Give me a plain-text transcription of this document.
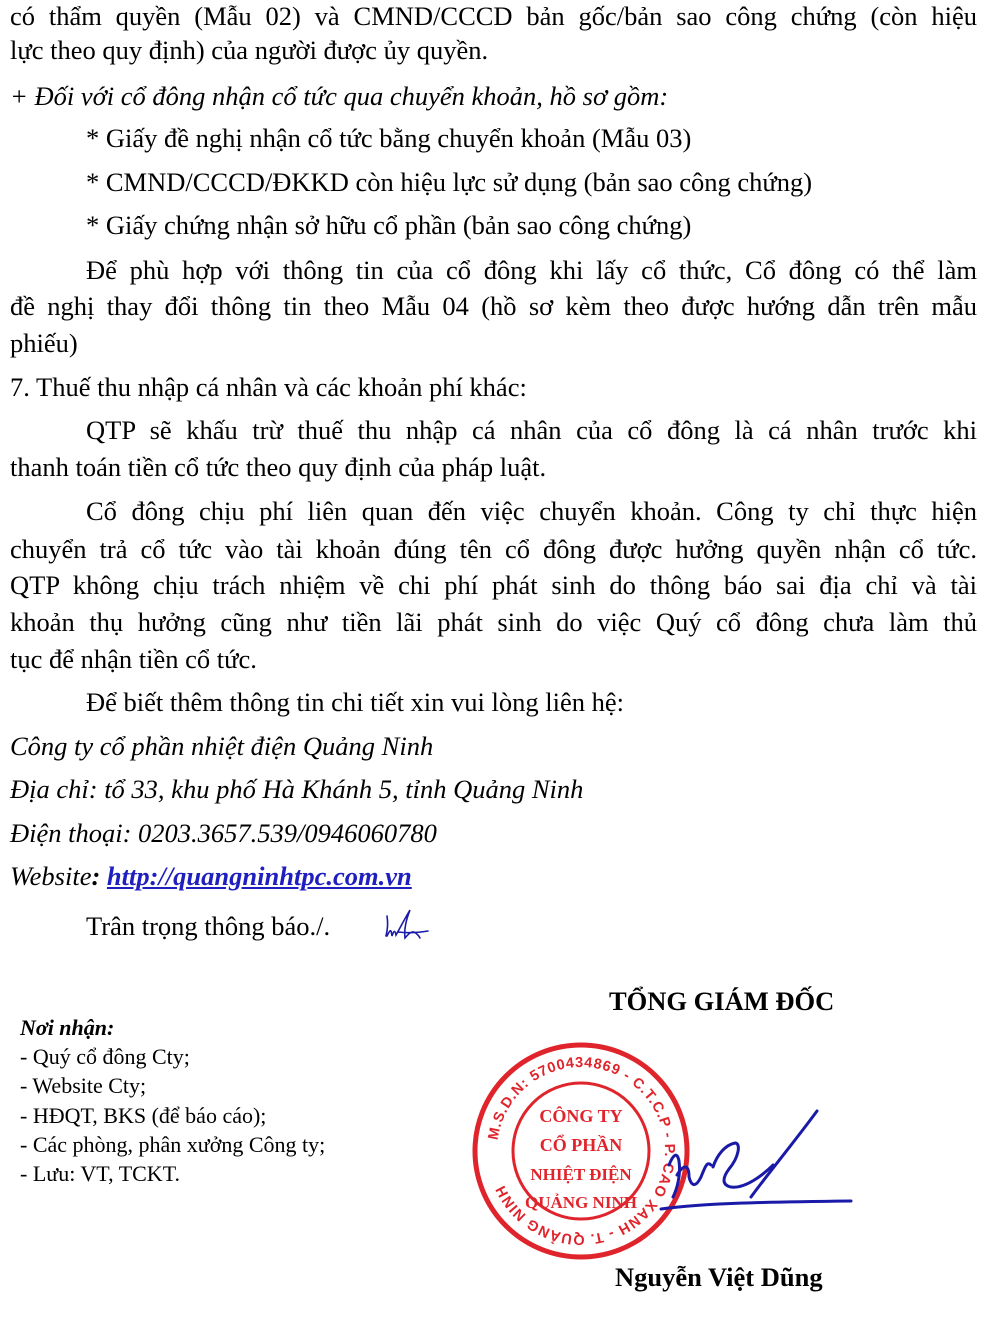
có thẩm quyền (Mẫu 02) và CMND/CCCD bản gốc/bản sao công chứng (còn hiệu
lực theo quy định) của người được ủy quyền.
+ Đối với cổ đông nhận cổ tức qua chuyển khoản, hồ sơ gồm:
* Giấy đề nghị nhận cổ tức bằng chuyển khoản (Mẫu 03)
* CMND/CCCD/ĐKKD còn hiệu lực sử dụng (bản sao công chứng)
* Giấy chứng nhận sở hữu cổ phần (bản sao công chứng)
Để phù hợp với thông tin của cổ đông khi lấy cổ thức, Cổ đông có thể làm
đề nghị thay đổi thông tin theo Mẫu 04 (hồ sơ kèm theo được hướng dẫn trên mẫu
phiếu)
7. Thuế thu nhập cá nhân và các khoản phí khác:
QTP sẽ khấu trừ thuế thu nhập cá nhân của cổ đông là cá nhân trước khi
thanh toán tiền cổ tức theo quy định của pháp luật.
Cổ đông chịu phí liên quan đến việc chuyển khoản. Công ty chỉ thực hiện
chuyển trả cổ tức vào tài khoản đúng tên cổ đông được hưởng quyền nhận cổ tức.
QTP không chịu trách nhiệm về chi phí phát sinh do thông báo sai địa chỉ và tài
khoản thụ hưởng cũng như tiền lãi phát sinh do việc Quý cổ đông chưa làm thủ
tục để nhận tiền cổ tức.
Để biết thêm thông tin chi tiết xin vui lòng liên hệ:
Công ty cổ phần nhiệt điện Quảng Ninh
Địa chỉ: tổ 33, khu phố Hà Khánh 5, tỉnh Quảng Ninh
Điện thoại: 0203.3657.539/0946060780
Website: http://quangninhtpc.com.vn
Trân trọng thông báo./.
TỔNG GIÁM ĐỐC
Nơi nhận:
- Quý cổ đông Cty;
- Website Cty;
- HĐQT, BKS (để báo cáo);
- Các phòng, phân xưởng Công ty;
- Lưu: VT, TCKT.
M.S.D.N: 5700434869 - C.T.C.P - P. CAO XANH - T. QUẢNG NINH
CÔNG TY
CỔ PHẦN
NHIỆT ĐIỆN
QUẢNG NINH
Nguyễn Việt Dũng
